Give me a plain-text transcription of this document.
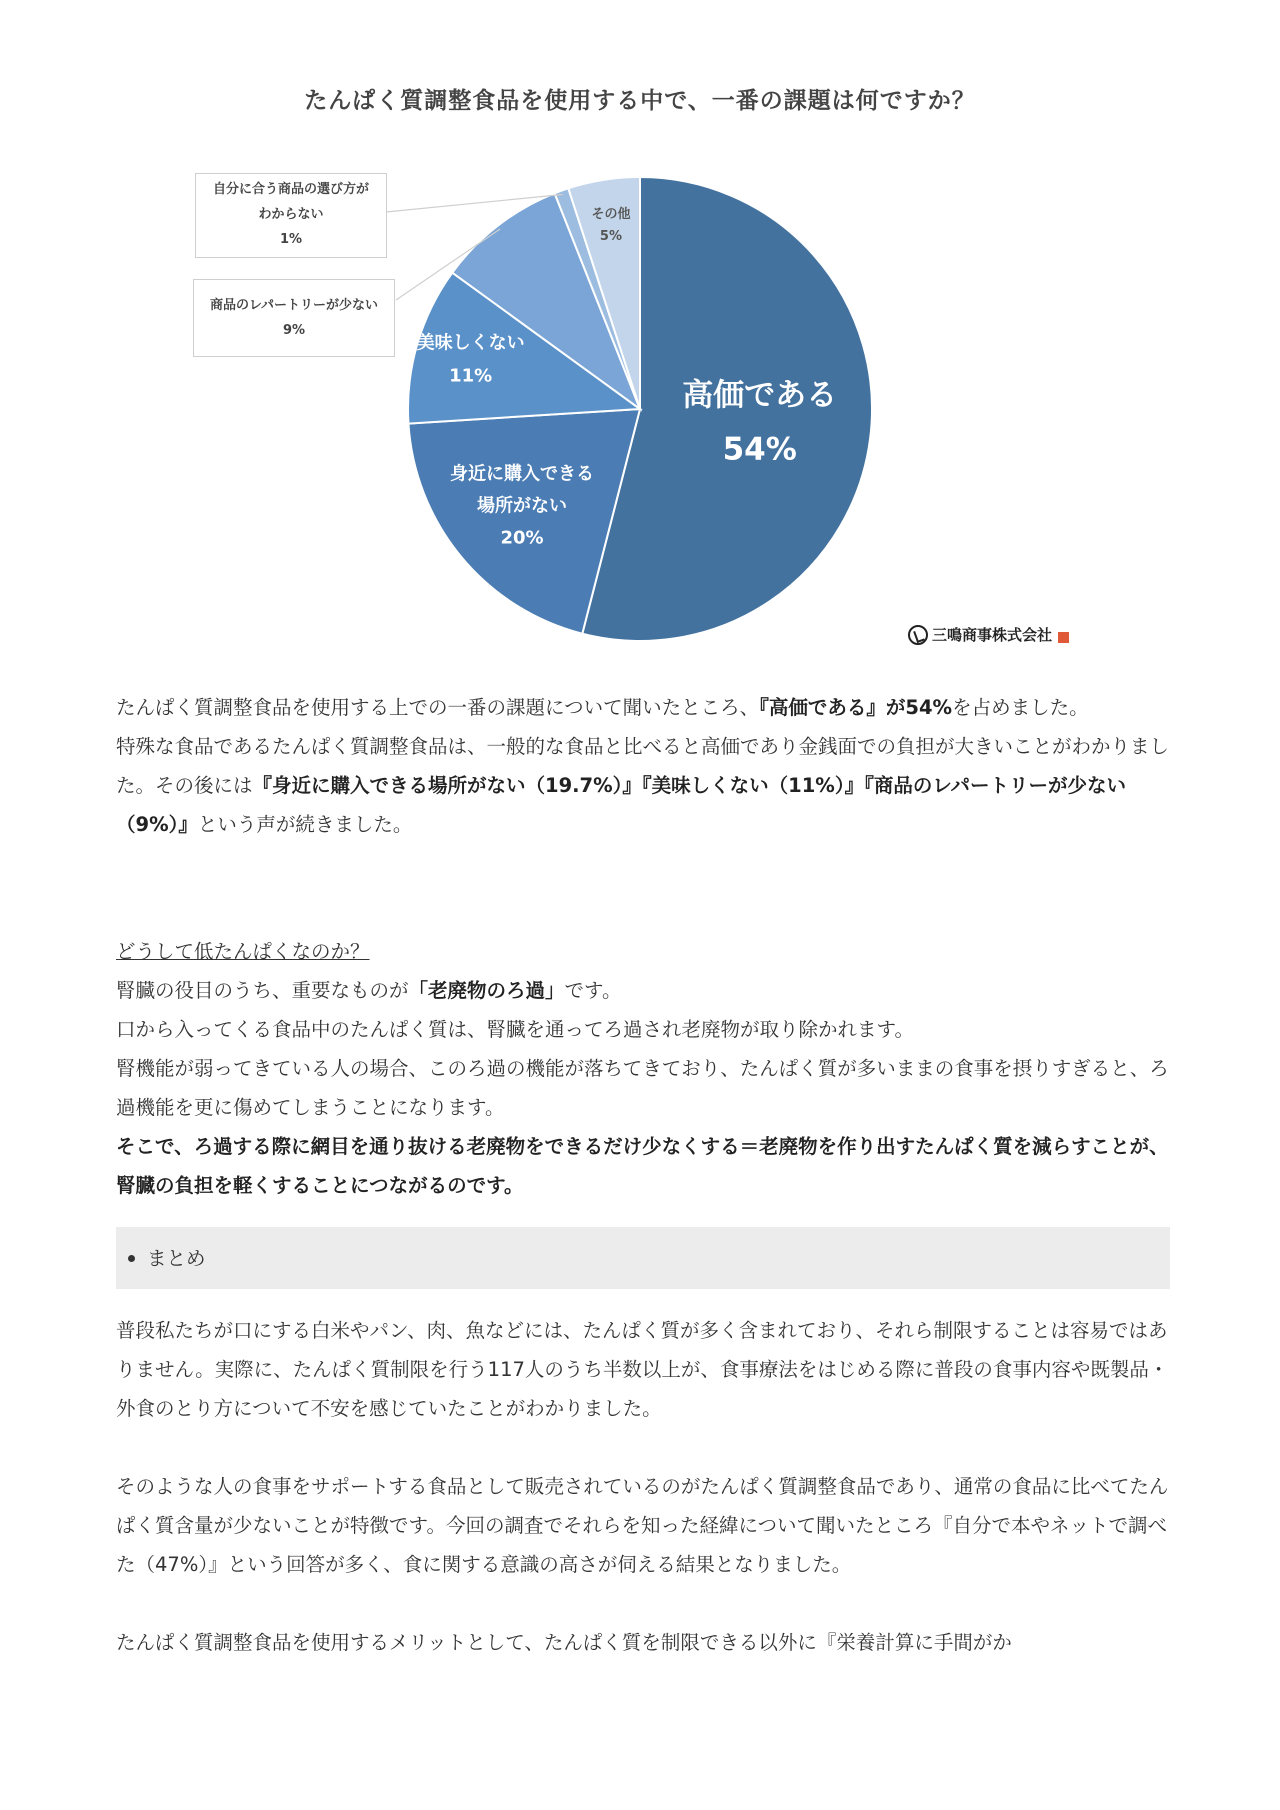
たんぱく質調整食品を使用する中で、一番の課題は何ですか？
高価である
54%
身近に購入できる
場所がない
20%
美味しくない
11%
その他
5%
自分に合う商品の選び方が
わからない
1%
商品のレパートリーが少ない
9%
三鳴商事株式会社

たんぱく質調整食品を使用する上での一番の課題について聞いたところ、『高価である』が54%を占めました。

特殊な食品であるたんぱく質調整食品は、一般的な食品と比べると高価であり金銭面での負担が大きいことがわかりました。その後には『身近に購入できる場所がない（19.7%）』『美味しくない（11%）』『商品のレパートリーが少ない（9%）』という声が続きました。

どうして低たんぱくなのか？

腎臓の役目のうち、重要なものが「老廃物のろ過」です。

口から入ってくる食品中のたんぱく質は、腎臓を通ってろ過され老廃物が取り除かれます。

腎機能が弱ってきている人の場合、このろ過の機能が落ちてきており、たんぱく質が多いままの食事を摂りすぎると、ろ過機能を更に傷めてしまうことになります。

そこで、ろ過する際に網目を通り抜ける老廃物をできるだけ少なくする＝老廃物を作り出すたんぱく質を減らすことが、腎臓の負担を軽くすることにつながるのです。

まとめ

普段私たちが口にする白米やパン、肉、魚などには、たんぱく質が多く含まれており、それら制限することは容易ではありません。実際に、たんぱく質制限を行う117人のうち半数以上が、食事療法をはじめる際に普段の食事内容や既製品・外食のとり方について不安を感じていたことがわかりました。

そのような人の食事をサポートする食品として販売されているのがたんぱく質調整食品であり、通常の食品に比べてたんぱく質含量が少ないことが特徴です。今回の調査でそれらを知った経緯について聞いたところ『自分で本やネットで調べた（47%）』という回答が多く、食に関する意識の高さが伺える結果となりました。

たんぱく質調整食品を使用するメリットとして、たんぱく質を制限できる以外に『栄養計算に手間がか
